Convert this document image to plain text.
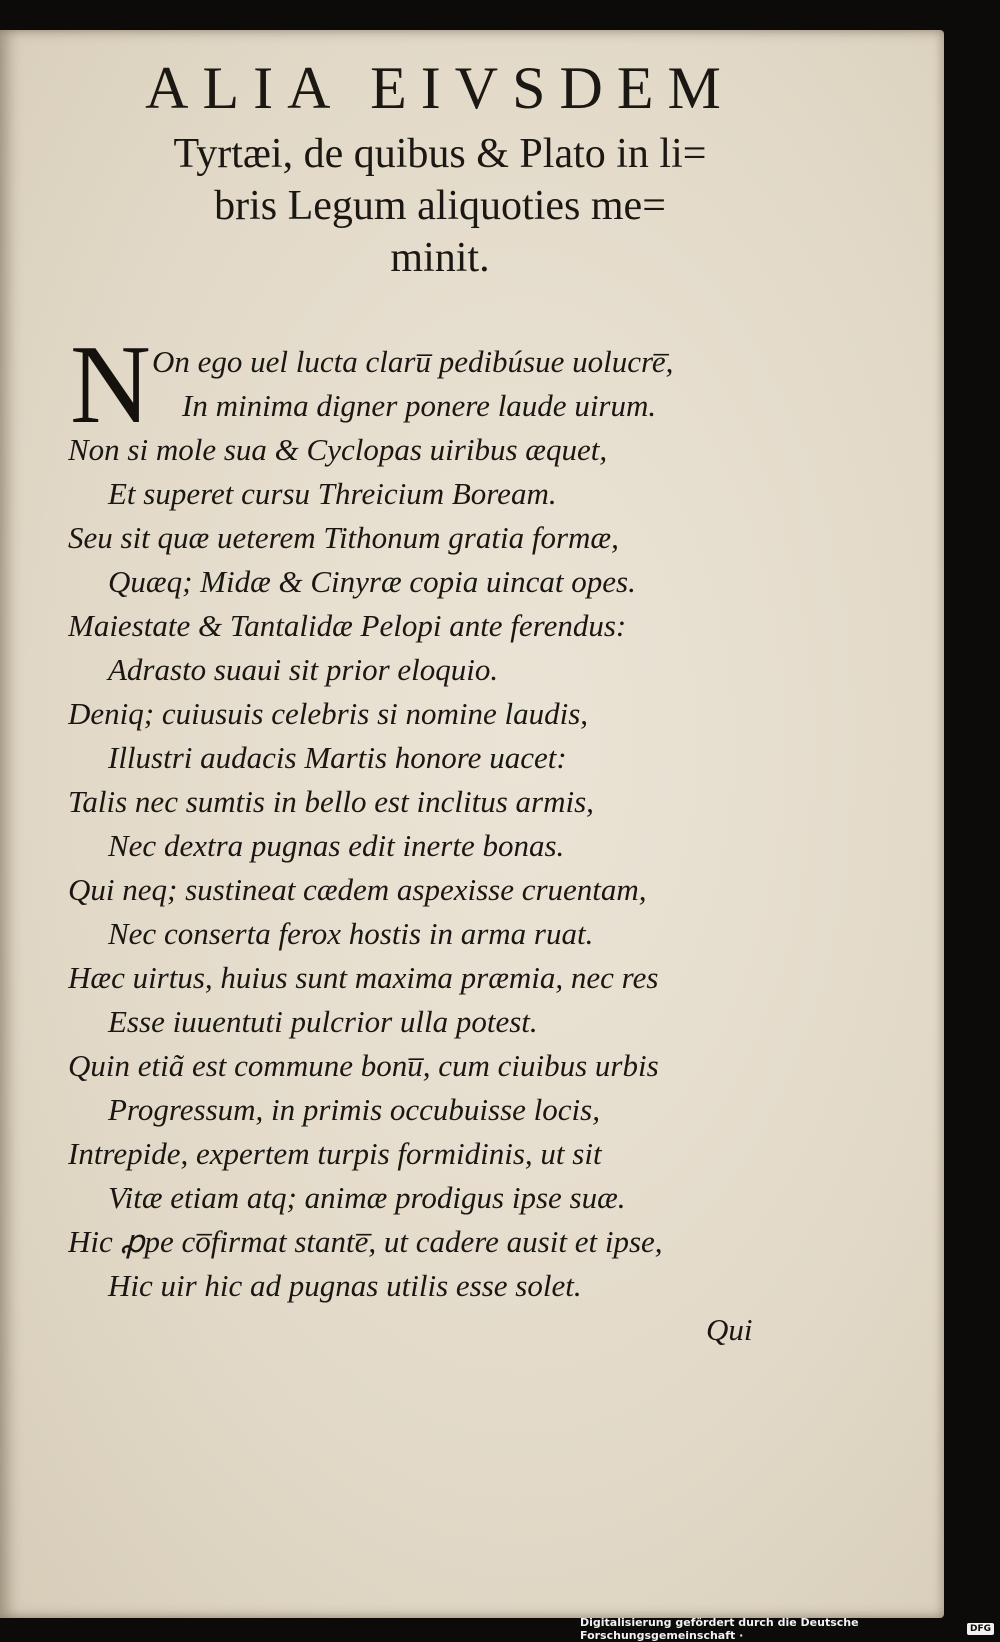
ALIA EIVSDEM
Tyrtæi, de quibus & Plato in li=
bris Legum aliquoties me=
minit.
N On ego uel lucta claru̅ pedibúsue uolucre̅,
In minima digner ponere laude uirum.
Non si mole sua & Cyclopas uiribus æquet,
Et superet cursu Threicium Boream.
Seu sit quæ ueterem Tithonum gratia formæ,
Quæq; Midæ & Cinyræ copia uincat opes.
Maiestate & Tantalidæ Pelopi ante ferendus:
Adrasto suaui sit prior eloquio.
Deniq; cuiusuis celebris si nomine laudis,
Illustri audacis Martis honore uacet:
Talis nec sumtis in bello est inclitus armis,
Nec dextra pugnas edit inerte bonas.
Qui neq; sustineat cædem aspexisse cruentam,
Nec conserta ferox hostis in arma ruat.
Hæc uirtus, huius sunt maxima præmia, nec res
Esse iuuentuti pulcrior ulla potest.
Quin etiã est commune bonu̅, cum ciuibus urbis
Progressum, in primis occubuisse locis,
Intrepide, expertem turpis formidinis, ut sit
Vitæ etiam atq; animæ prodigus ipse suæ.
Hic ꝓpe co̅firmat stante̅, ut cadere ausit et ipse,
Hic uir hic ad pugnas utilis esse solet.
Qui
Digitalisierung gefördert durch die Deutsche Forschungsgemeinschaft ·	DFG
